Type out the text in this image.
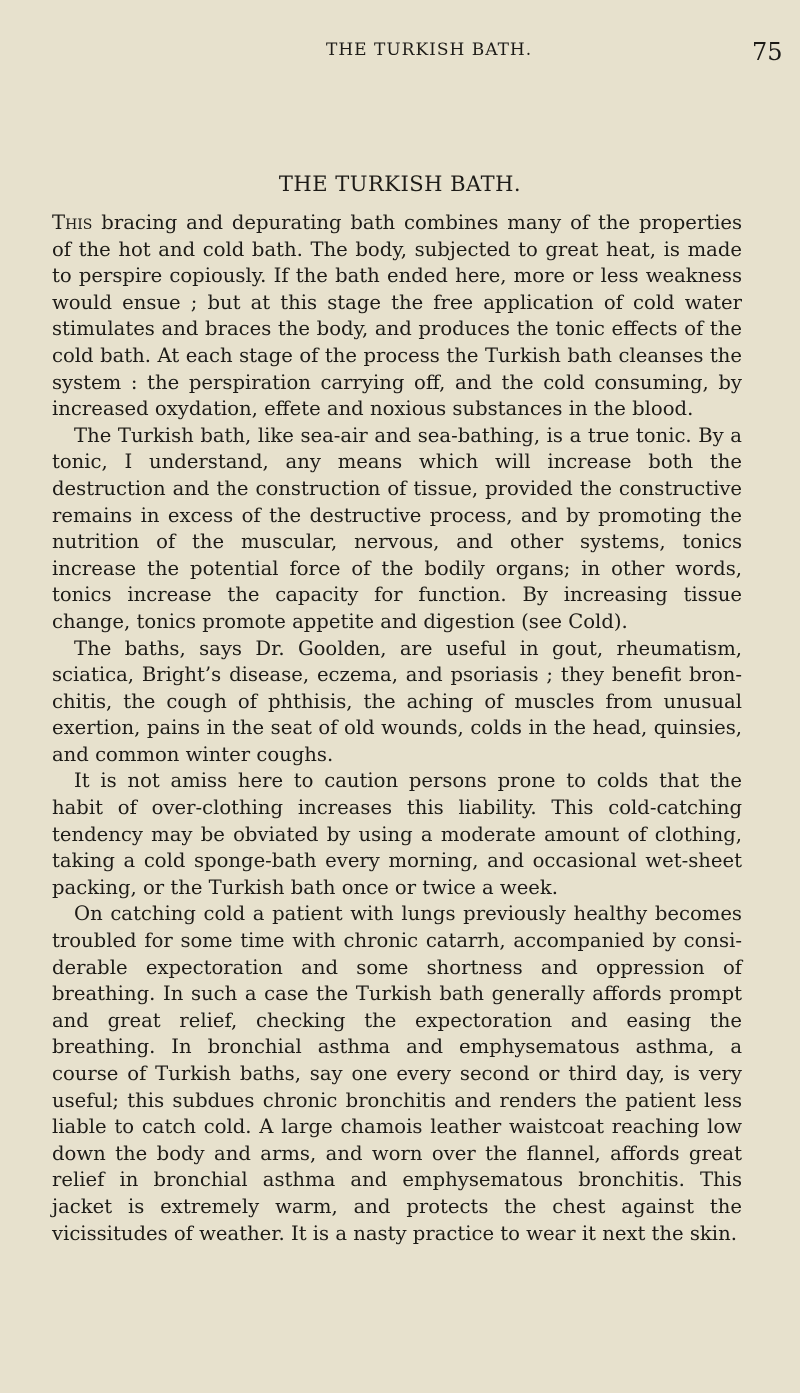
THE TURKISH BATH.	75
THE TURKISH BATH.

This bracing and depurating bath combines many of the properties of the hot and cold bath. The body, subjected to great heat, is made to perspire copiously. If the bath ended here, more or less weakness would ensue ; but at this stage the free application of cold water stimulates and braces the body, and produces the tonic effects of the cold bath. At each stage of the process the Turkish bath cleanses the system : the perspiration carrying off, and the cold consuming, by increased oxydation, effete and noxious substances in the blood.

The Turkish bath, like sea-air and sea-bathing, is a true tonic. By a tonic, I understand, any means which will increase both the destruction and the construction of tissue, provided the constructive remains in excess of the destructive process, and by promoting the nutrition of the muscular, nervous, and other systems, tonics increase the potential force of the bodily organs; in other words, tonics increase the capacity for function. By increasing tissue change, tonics promote appetite and digestion (see Cold).

The baths, says Dr. Goolden, are useful in gout, rheumatism, sciatica, Bright’s disease, eczema, and psoriasis ; they benefit bronchitis, the cough of phthisis, the aching of muscles from unusual exertion, pains in the seat of old wounds, colds in the head, quinsies, and common winter coughs.

It is not amiss here to caution persons prone to colds that the habit of over-clothing increases this liability. This cold-catching tendency may be obviated by using a moderate amount of clothing, taking a cold sponge-bath every morning, and occasional wet-sheet packing, or the Turkish bath once or twice a week.

On catching cold a patient with lungs previously healthy becomes troubled for some time with chronic catarrh, accompanied by considerable expectoration and some shortness and oppression of breathing. In such a case the Turkish bath generally affords prompt and great relief, checking the expectoration and easing the breathing. In bronchial asthma and emphysematous asthma, a course of Turkish baths, say one every second or third day, is very useful; this subdues chronic bronchitis and renders the patient less liable to catch cold. A large chamois leather waistcoat reaching low down the body and arms, and worn over the flannel, affords great relief in bronchial asthma and emphysematous bronchitis. This jacket is extremely warm, and protects the chest against the vicissitudes of weather. It is a nasty practice to wear it next the skin.
